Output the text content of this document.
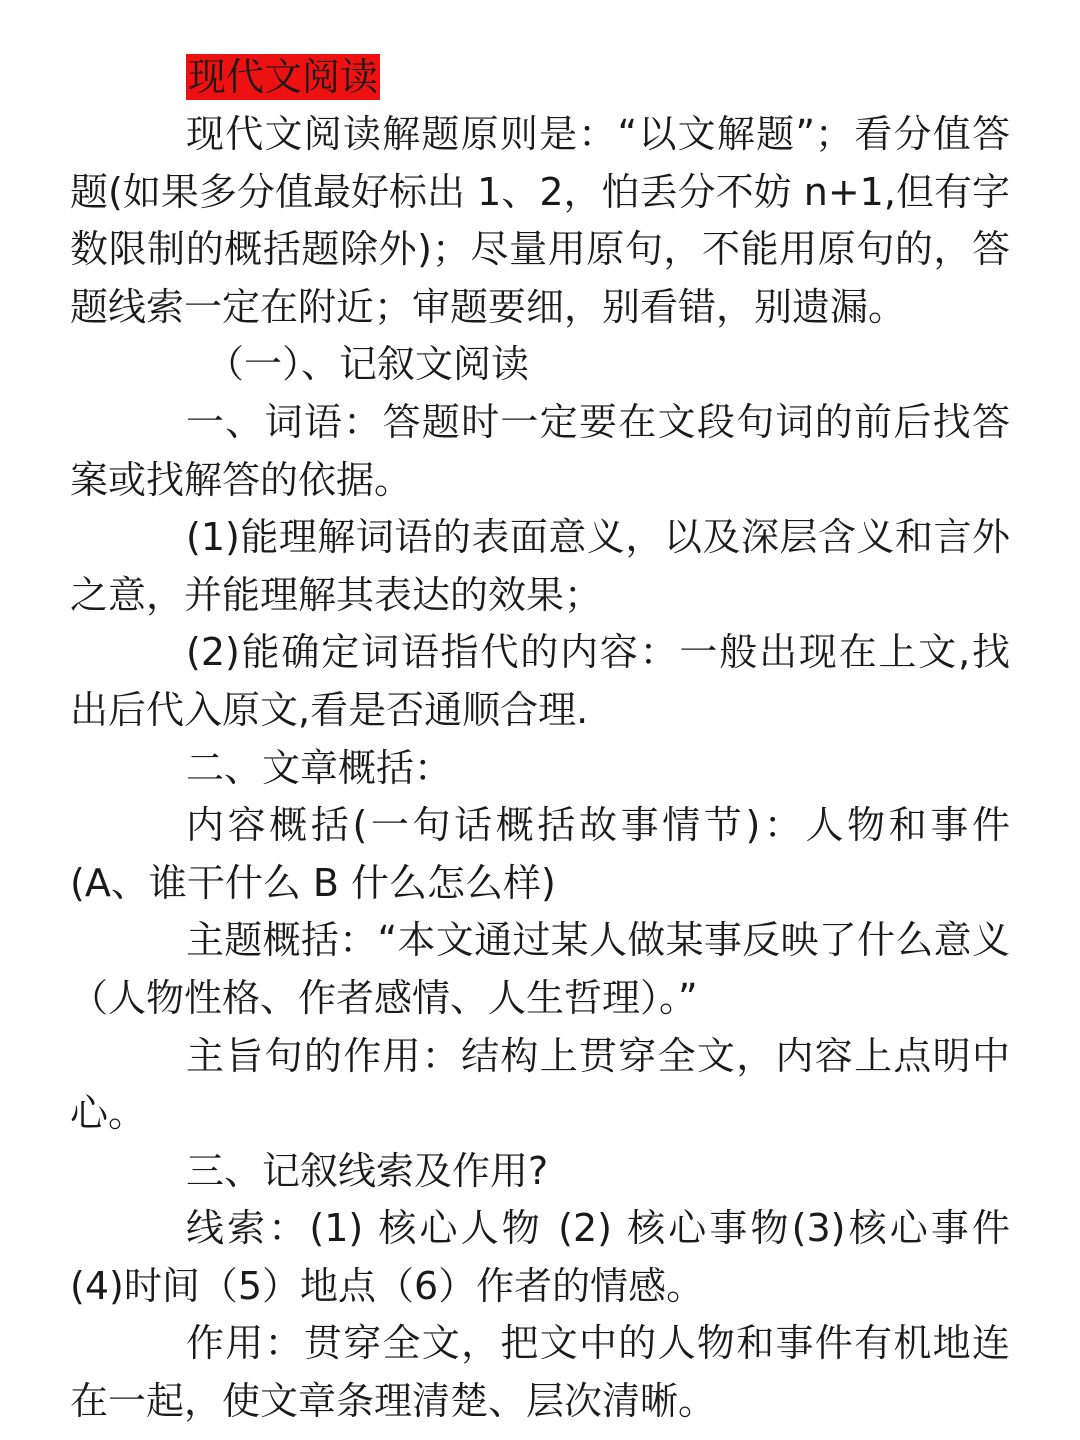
现代文阅读

现代文阅读解题原则是：“以文解题”；看分值答题(如果多分值最好标出 1、2，怕丢分不妨 n+1,但有字数限制的概括题除外)；尽量用原句，不能用原句的，答题线索一定在附近；审题要细，别看错，别遗漏。

（一）、记叙文阅读

一、词语：答题时一定要在文段句词的前后找答案或找解答的依据。

(1)能理解词语的表面意义，以及深层含义和言外之意，并能理解其表达的效果；

(2)能确定词语指代的内容：一般出现在上文,找出后代入原文,看是否通顺合理.

二、文章概括：

内容概括(一句话概括故事情节)：人物和事件(A、谁干什么 B 什么怎么样)

主题概括：“本文通过某人做某事反映了什么意义（人物性格、作者感情、人生哲理）。”

主旨句的作用：结构上贯穿全文，内容上点明中心。

三、记叙线索及作用?

线索：(1) 核心人物 (2) 核心事物(3)核心事件 (4)时间（5）地点（6）作者的情感。

作用：贯穿全文，把文中的人物和事件有机地连在一起，使文章条理清楚、层次清晰。
